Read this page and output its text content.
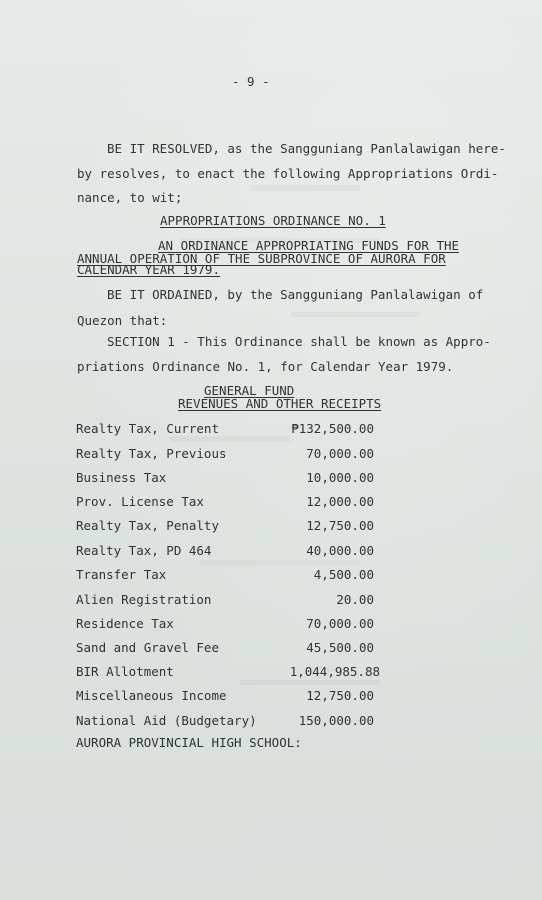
- 9 -
BE IT RESOLVED, as the Sangguniang Panlalawigan here-
by resolves, to enact the following Appropriations Ordi-
nance, to wit;
APPROPRIATIONS ORDINANCE NO. 1
AN ORDINANCE APPROPRIATING FUNDS FOR THE
ANNUAL OPERATION OF THE SUBPROVINCE OF AURORA FOR
CALENDAR YEAR 1979.
BE IT ORDAINED, by the Sangguniang Panlalawigan of
Quezon that:
SECTION 1 - This Ordinance shall be known as Appro-
priations Ordinance No. 1, for Calendar Year 1979.
GENERAL FUND
REVENUES AND OTHER RECEIPTS
Realty Tax, Current	₱132,500.00
Realty Tax, Previous	70,000.00
Business Tax	10,000.00
Prov. License Tax	12,000.00
Realty Tax, Penalty	12,750.00
Realty Tax, PD 464	40,000.00
Transfer Tax	4,500.00
Alien Registration	20.00
Residence Tax	70,000.00
Sand and Gravel Fee	45,500.00
BIR Allotment	1,044,985.88
Miscellaneous Income	12,750.00
National Aid (Budgetary)	150,000.00
AURORA PROVINCIAL HIGH SCHOOL:
